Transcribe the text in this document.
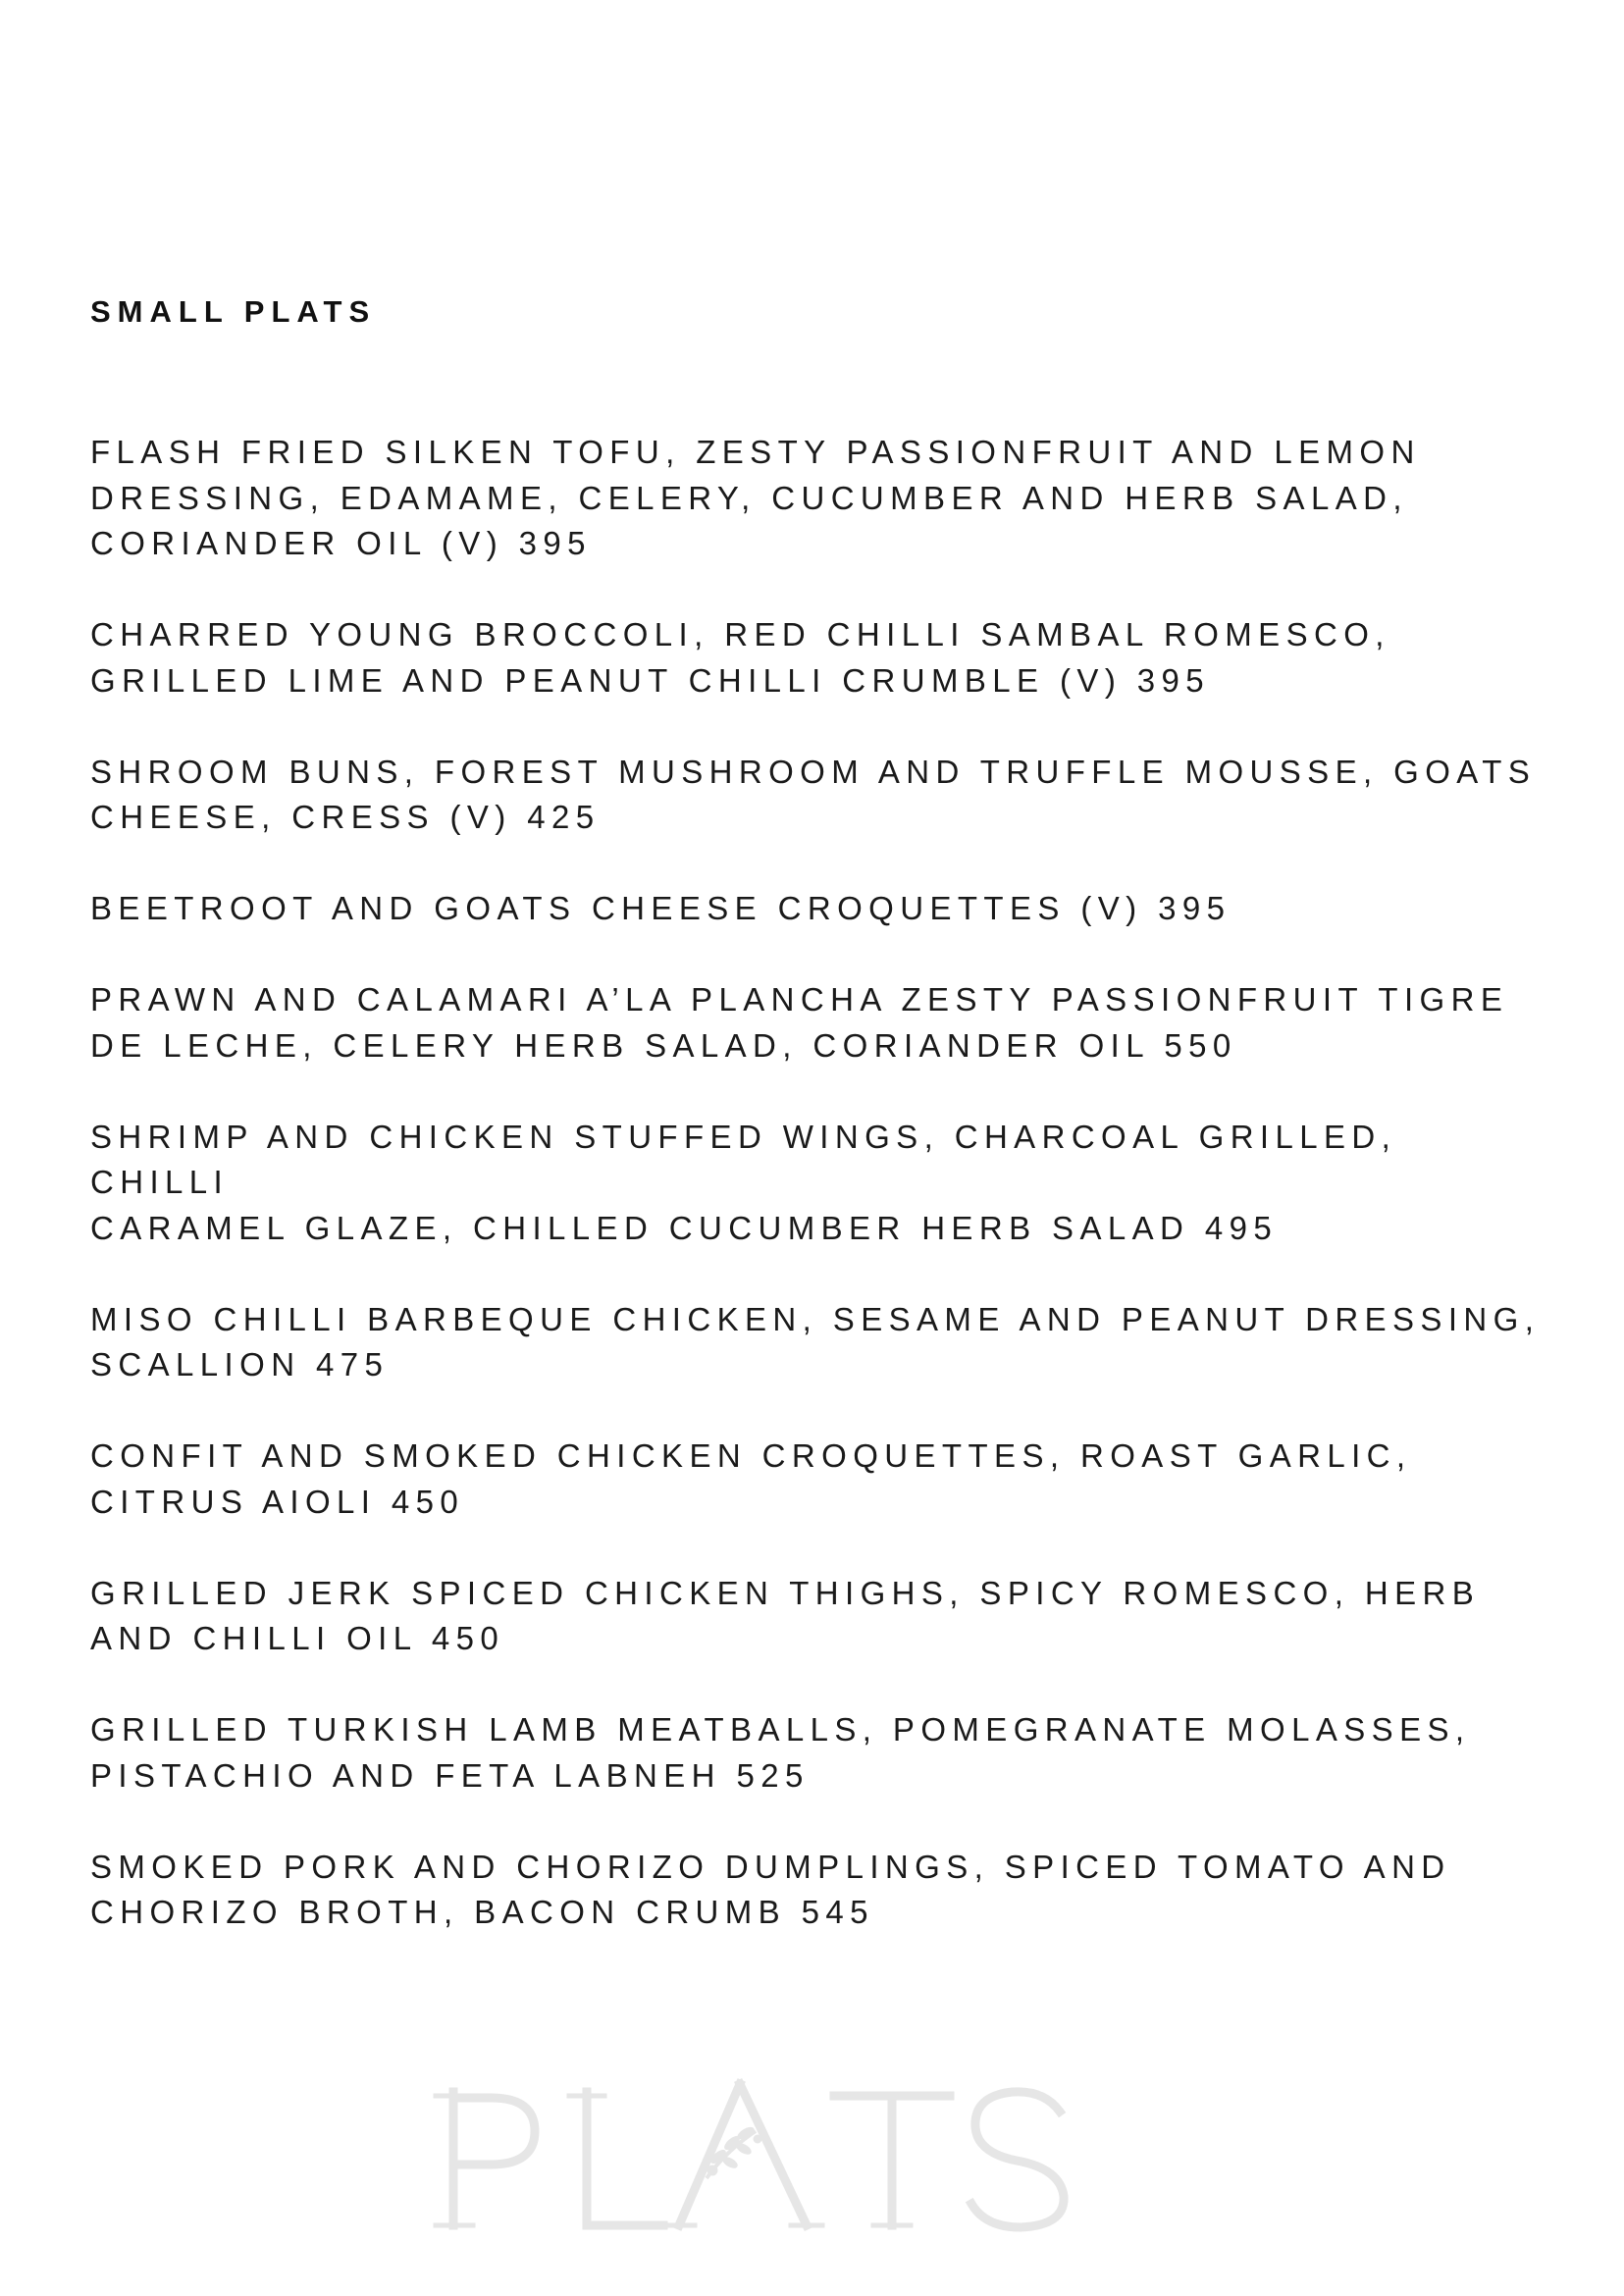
SMALL PLATS
FLASH FRIED SILKEN TOFU, ZESTY PASSIONFRUIT AND LEMON
DRESSING, EDAMAME, CELERY, CUCUMBER AND HERB SALAD,
CORIANDER OIL (V) 395
CHARRED YOUNG BROCCOLI, RED CHILLI SAMBAL ROMESCO,
GRILLED LIME AND PEANUT CHILLI CRUMBLE (V) 395
SHROOM BUNS, FOREST MUSHROOM AND TRUFFLE MOUSSE, GOATS
CHEESE, CRESS (V) 425
BEETROOT AND GOATS CHEESE CROQUETTES (V) 395
PRAWN AND CALAMARI A’LA PLANCHA ZESTY PASSIONFRUIT TIGRE
DE LECHE, CELERY HERB SALAD, CORIANDER OIL 550
SHRIMP AND CHICKEN STUFFED WINGS, CHARCOAL GRILLED, CHILLI
CARAMEL GLAZE, CHILLED CUCUMBER HERB SALAD 495
MISO CHILLI BARBEQUE CHICKEN, SESAME AND PEANUT DRESSING,
SCALLION 475
CONFIT AND SMOKED CHICKEN CROQUETTES, ROAST GARLIC,
CITRUS AIOLI 450
GRILLED JERK SPICED CHICKEN THIGHS, SPICY ROMESCO, HERB
AND CHILLI OIL 450
GRILLED TURKISH LAMB MEATBALLS, POMEGRANATE MOLASSES,
PISTACHIO AND FETA LABNEH 525
SMOKED PORK AND CHORIZO DUMPLINGS, SPICED TOMATO AND
CHORIZO BROTH, BACON CRUMB 545
